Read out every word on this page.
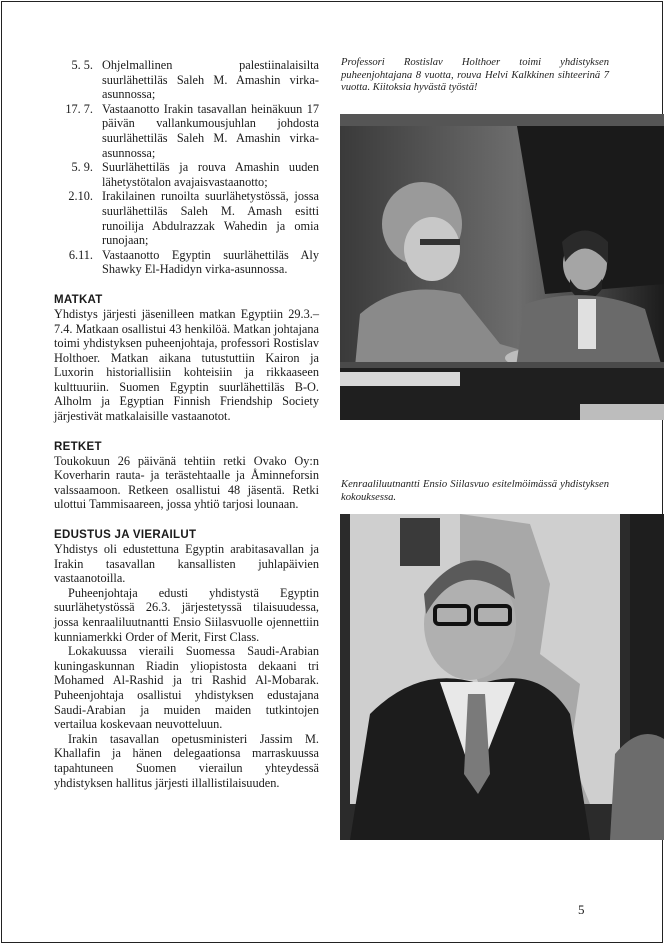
5. 5. Ohjelmallinen palestiinalaisilta suurlähettiläs Saleh M. Amashin virka-asunnossa;
17. 7. Vastaanotto Irakin tasavallan heinäkuun 17 päivän vallankumousjuhlan johdosta suurlähettiläs Saleh M. Amashin virka-asunnossa;
5. 9. Suurlähettiläs ja rouva Amashin uuden lähetystötalon avajaisvastaanotto;
2.10. Irakilainen runoilta suurlähetystössä, jossa suurlähettiläs Saleh M. Amash esitti runoilija Abdulrazzak Wahedin ja omia runojaan;
6.11. Vastaanotto Egyptin suurlähettiläs Aly Shawky El-Hadidyn virka-asunnossa.
MATKAT

Yhdistys järjesti jäsenilleen matkan Egyptiin 29.3.–7.4. Matkaan osallistui 43 henkilöä. Matkan johtajana toimi yhdistyksen puheenjohtaja, professori Rostislav Holthoer. Matkan aikana tutustuttiin Kairon ja Luxorin historiallisiin kohteisiin ja rikkaaseen kulttuuriin. Suomen Egyptin suurlähettiläs B-O. Alholm ja Egyptian Finnish Friendship Society järjestivät matkalaisille vastaanotot.

RETKET

Toukokuun 26 päivänä tehtiin retki Ovako Oy:n Koverharin rauta- ja terästehtaalle ja Åminneforsin valssaamoon. Retkeen osallistui 48 jäsentä. Retki ulottui Tammisaareen, jossa yhtiö tarjosi lounaan.

EDUSTUS JA VIERAILUT

Yhdistys oli edustettuna Egyptin arabitasavallan ja Irakin tasavallan kansallisten juhlapäivien vastaanotoilla.

Puheenjohtaja edusti yhdistystä Egyptin suurlähetystössä 26.3. järjestetyssä tilaisuudessa, jossa kenraaliluutnantti Ensio Siilasvuolle ojennettiin kunniamerkki Order of Merit, First Class.

Lokakuussa vieraili Suomessa Saudi-Arabian kuningaskunnan Riadin yliopistosta dekaani tri Mohamed Al-Rashid ja tri Rashid Al-Mobarak. Puheenjohtaja osallistui yhdistyksen edustajana Saudi-Arabian ja muiden maiden tutkintojen vertailua koskevaan neuvotteluun.

Irakin tasavallan opetusministeri Jassim M. Khallafin ja hänen delegaationsa marraskuussa tapahtuneen Suomen vierailun yhteydessä yhdistyksen hallitus järjesti illallistilaisuuden.

Professori Rostislav Holthoer toimi yhdistyksen puheenjohtajana 8 vuotta, rouva Helvi Kalkkinen sihteerinä 7 vuotta. Kiitoksia hyvästä työstä!
Kenraaliluutnantti Ensio Siilasvuo esitelmöimässä yhdistyksen kokouksessa.
5
